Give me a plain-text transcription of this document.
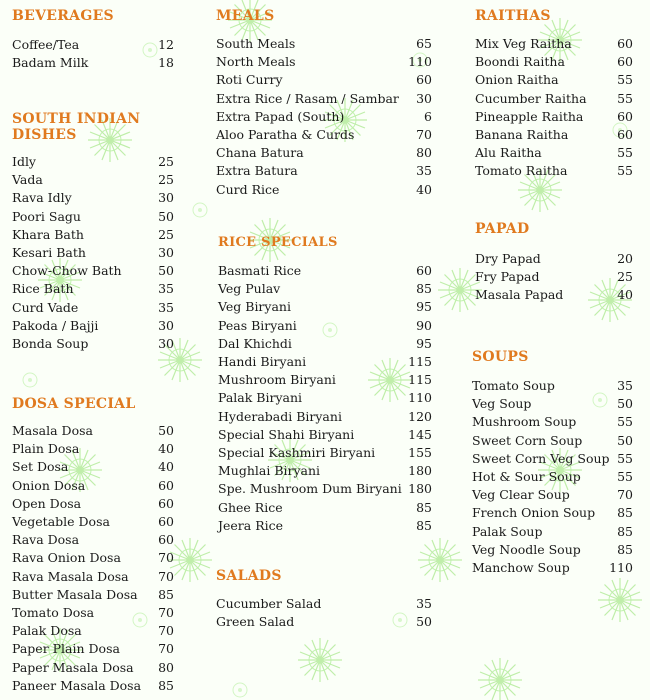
BEVERAGES
Coffee/Tea	12
Badam Milk	18
SOUTH INDIAN
DISHES
Idly	25
Vada	25
Rava Idly	30
Poori Sagu	50
Khara Bath	25
Kesari Bath	30
Chow-Chow Bath	50
Rice Bath	35
Curd Vade	35
Pakoda / Bajji	30
Bonda Soup	30
DOSA SPECIAL
Masala Dosa	50
Plain Dosa	40
Set Dosa	40
Onion Dosa	60
Open Dosa	60
Vegetable Dosa	60
Rava Dosa	60
Rava Onion Dosa	70
Rava Masala Dosa	70
Butter Masala Dosa	85
Tomato Dosa	70
Palak Dosa	70
Paper Plain Dosa	70
Paper Masala Dosa	80
Paneer Masala Dosa	85
MEALS
South Meals	65
North Meals	110
Roti Curry	60
Extra Rice / Rasam / Sambar	30
Extra Papad (South)	6
Aloo Paratha & Curds	70
Chana Batura	80
Extra Batura	35
Curd Rice	40
RICE SPECIALS
Basmati Rice	60
Veg Pulav	85
Veg Biryani	95
Peas Biryani	90
Dal Khichdi	95
Handi Biryani	115
Mushroom Biryani	115
Palak Biryani	110
Hyderabadi Biryani	120
Special Shahi Biryani	145
Special Kashmiri Biryani	155
Mughlai Biryani	180
Spe. Mushroom Dum Biryani 180
Ghee Rice	85
Jeera Rice	85
SALADS
Cucumber Salad	35
Green Salad	50
RAITHAS
Mix Veg Raitha	60
Boondi Raitha	60
Onion Raitha	55
Cucumber Raitha	55
Pineapple Raitha	60
Banana Raitha	60
Alu Raitha	55
Tomato Raitha	55
PAPAD
Dry Papad	20
Fry Papad	25
Masala Papad	40
SOUPS
Tomato Soup	35
Veg Soup	50
Mushroom Soup	55
Sweet Corn Soup	50
Sweet Corn Veg Soup 55
Hot & Sour Soup	55
Veg Clear Soup	70
French Onion Soup	85
Palak Soup	85
Veg Noodle Soup	85
Manchow Soup	110
